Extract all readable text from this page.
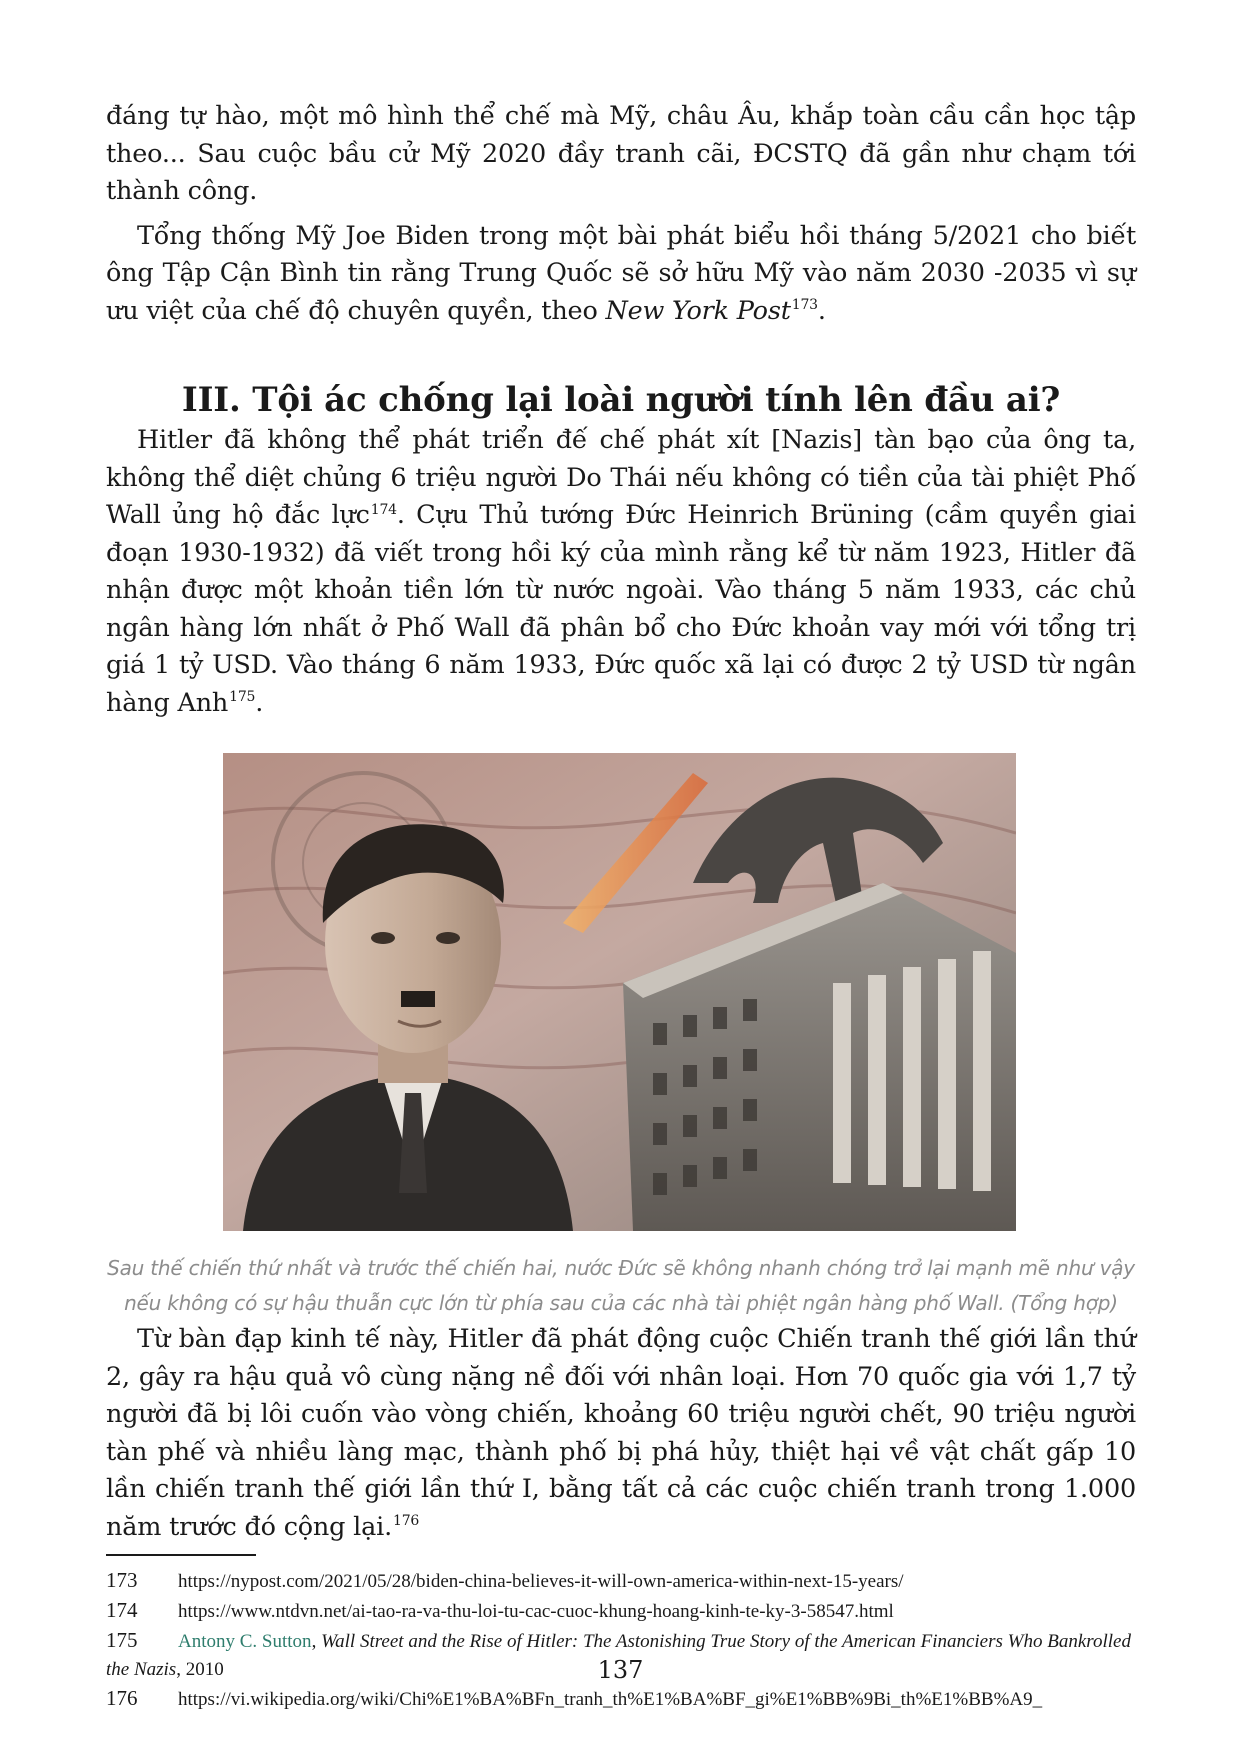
đáng tự hào, một mô hình thể chế mà Mỹ, châu Âu, khắp toàn cầu cần học tập theo... Sau cuộc bầu cử Mỹ 2020 đầy tranh cãi, ĐCSTQ đã gần như chạm tới thành công.

Tổng thống Mỹ Joe Biden trong một bài phát biểu hồi tháng 5/2021 cho biết ông Tập Cận Bình tin rằng Trung Quốc sẽ sở hữu Mỹ vào năm 2030 -2035 vì sự ưu việt của chế độ chuyên quyền, theo New York Post$^{173}$.

III. Tội ác chống lại loài người tính lên đầu ai?

Hitler đã không thể phát triển đế chế phát xít [Nazis] tàn bạo của ông ta, không thể diệt chủng 6 triệu người Do Thái nếu không có tiền của tài phiệt Phố Wall ủng hộ đắc lực$^{174}$. Cựu Thủ tướng Đức Heinrich Brüning (cầm quyền giai đoạn 1930-1932) đã viết trong hồi ký của mình rằng kể từ năm 1923, Hitler đã nhận được một khoản tiền lớn từ nước ngoài. Vào tháng 5 năm 1933, các chủ ngân hàng lớn nhất ở Phố Wall đã phân bổ cho Đức khoản vay mới với tổng trị giá 1 tỷ USD. Vào tháng 6 năm 1933, Đức quốc xã lại có được 2 tỷ USD từ ngân hàng Anh$^{175}$.

Sau thế chiến thứ nhất và trước thế chiến hai, nước Đức sẽ không nhanh chóng trở lại mạnh mẽ như vậy nếu không có sự hậu thuẫn cực lớn từ phía sau của các nhà tài phiệt ngân hàng phố Wall. (Tổng hợp)

Từ bàn đạp kinh tế này, Hitler đã phát động cuộc Chiến tranh thế giới lần thứ 2, gây ra hậu quả vô cùng nặng nề đối với nhân loại. Hơn 70 quốc gia với 1,7 tỷ người đã bị lôi cuốn vào vòng chiến, khoảng 60 triệu người chết, 90 triệu người tàn phế và nhiều làng mạc, thành phố bị phá hủy, thiệt hại về vật chất gấp 10 lần chiến tranh thế giới lần thứ I, bằng tất cả các cuộc chiến tranh trong 1.000 năm trước đó cộng lại.$^{176}$

173 https://nypost.com/2021/05/28/biden-china-believes-it-will-own-america-within-next-15-years/

174 https://www.ntdvn.net/ai-tao-ra-va-thu-loi-tu-cac-cuoc-khung-hoang-kinh-te-ky-3-58547.html

175 Antony C. Sutton, Wall Street and the Rise of Hitler: The Astonishing True Story of the American Financiers Who Bankrolled the Nazis, 2010

176 https://vi.wikipedia.org/wiki/Chi%E1%BA%BFn_tranh_th%E1%BA%BF_gi%E1%BB%9Bi_th%E1%BB%A9_

137
